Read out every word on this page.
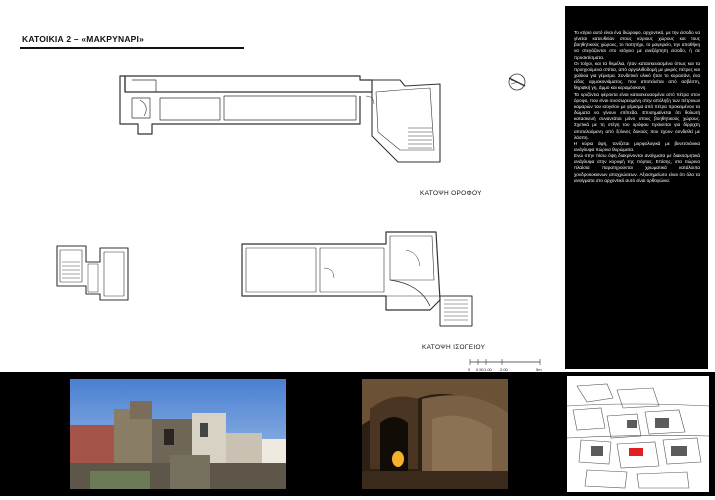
ΚΑΤΟΙΚΙΑ 2 – «ΜΑΚΡΥΝΑΡΙ»
ΚΑΤΟΨΗ ΟΡΟΦΟΥ
ΚΑΤΟΨΗ ΙΣΟΓΕΙΟΥ
0 0.50 1.00 2.00	5m

Το κτίριο αυτό είναι ένα διώροφο, αρχοντικό, με την είσοδο να γίνεται κατευθείαν στους κύριους χώρους και τους βοηθητικούς χώρους, το πατητήρι, το μαγειρείο, την αποθήκη να στεγάζονται στο ισόγειο με ανεξάρτητη είσοδο, ή σε προσκτίσματα.

Οι τοίχοι, και τα θεμέλια, ήταν κατασκευασμένα όπως και τα προηγούμενα σπίτια, από αργολιθοδομή με μικρές πέτρες και χαλίκια για γέμισμα. Συνδετικό υλικό ήταν το κορασάνι, ένα είδος αρμοκονιάματος, που αποτελείται από ασβέστη, θηραϊκή γη, άμμο και κεραμόσκονη.

Τα οριζόντια φέροντα είναι κατασκευασμένα από πέτρα στον όροφο, που είναι συσσωρευμένη στην απόληξη των πέτρινων καμαρών του ισογείου με γέμισμα από πέτρα προκειμένου τα δώματα να γίνουν επίπεδα. Επισημαίνεται ότι θολωτή κατασκευή συναντάται μόνο στους βοηθητικούς χώρους. Σχετικά με τη στέγη του ορόφου πρόκειται για δίρριχτη αποτελούμενη από ξύλινες δοκούς που έχουν συνδεθεί με λάσπη.

Η κύρια όψη, τονίζεται μορφολογικά με βενετσιάνικα ανάγλυφα πώρινα θυρώματα.

Ενώ στην πίσω όψη διακρίνονται ανοίγματα με διακοσμητικά ανάγλυφα στην κορυφή της πόρτας. Επίσης, στα πώρινα πλαίσια παρατηρούνται χρωματικά κατάλοιπα χονδροκοκκινων αποχρώσεων. Αξιοσημείωτο είναι ότι όλα τα ανοίγματα στο αρχοντικό αυτό είναι ορθογώνια.
